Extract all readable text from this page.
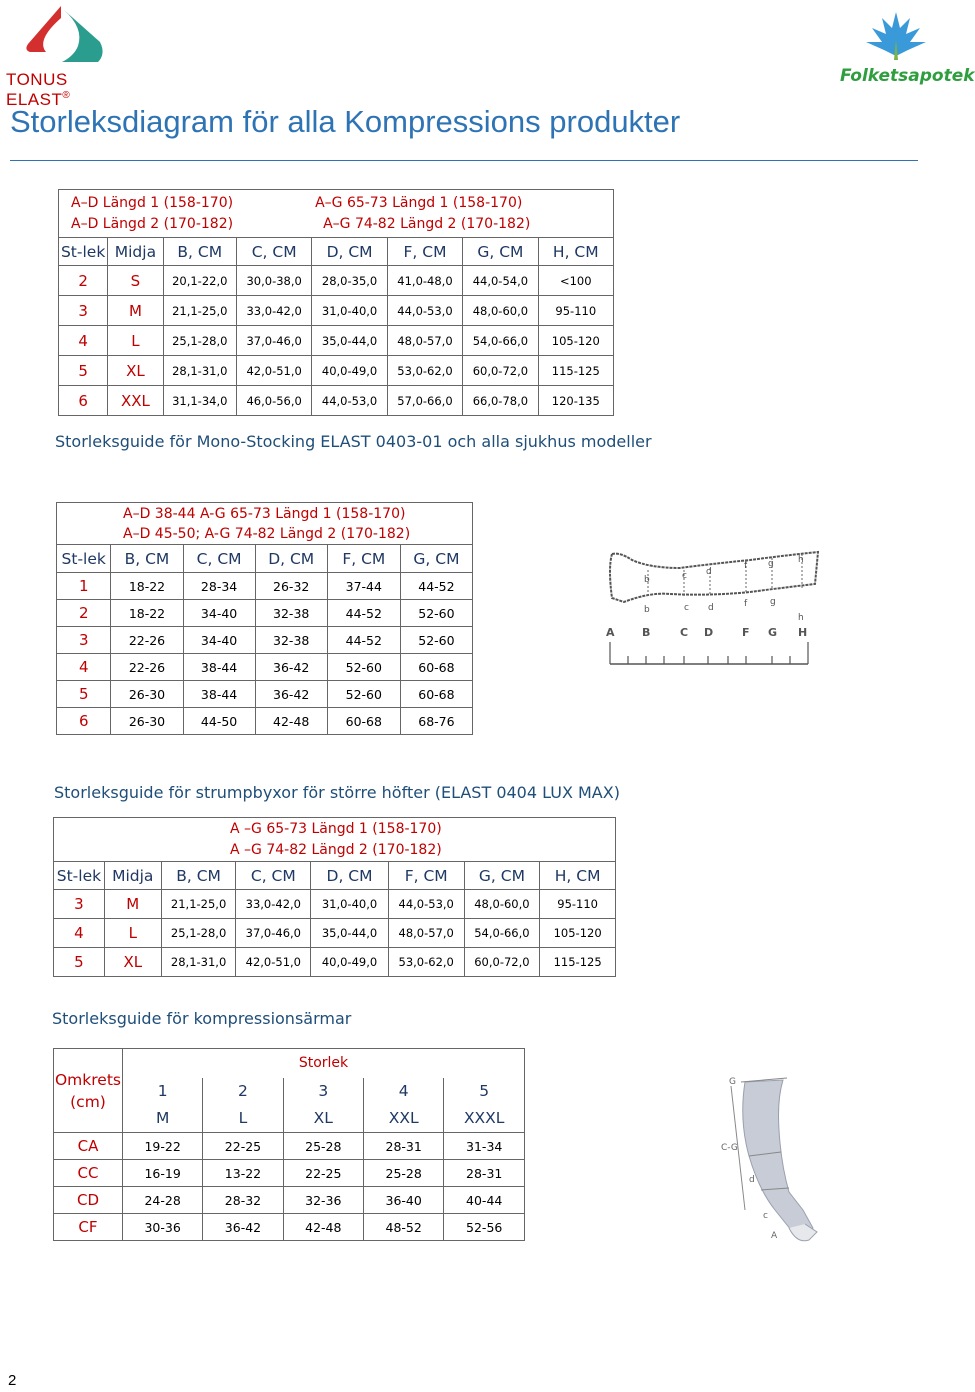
TONUS ELAST®
Folketsapotek
Storleksdiagram för alla Kompressions produkter
A–D Längd 1 (158-170) A–G 65-73 Längd 1 (158-170)
A–D Längd 2 (170-182) A–G 74-82 Längd 2 (170-182)							

St-lek	Midja	B, CM	C, CM	D, CM	F, CM	G, CM	H, CM
2	S	20,1-22,0	30,0-38,0	28,0-35,0	41,0-48,0	44,0-54,0	<100
3	M	21,1-25,0	33,0-42,0	31,0-40,0	44,0-53,0	48,0-60,0	95-110
4	L	25,1-28,0	37,0-46,0	35,0-44,0	48,0-57,0	54,0-66,0	105-120
5	XL	28,1-31,0	42,0-51,0	40,0-49,0	53,0-62,0	60,0-72,0	115-125
6	XXL	31,1-34,0	46,0-56,0	44,0-53,0	57,0-66,0	66,0-78,0	120-135
Storleksguide för Mono-Stocking ELAST 0403-01 och alla sjukhus modeller
A–D 38-44 A-G 65-73 Längd 1 (158-170)
A–D 45-50; A-G 74-82 Längd 2 (170-182)					

St-lek	B, CM	C, CM	D, CM	F, CM	G, CM
1	18-22	28-34	26-32	37-44	44-52
2	18-22	34-40	32-38	44-52	52-60
3	22-26	34-40	32-38	44-52	52-60
4	22-26	38-44	36-42	52-60	60-68
5	26-30	38-44	36-42	52-60	60-68
6	26-30	44-50	42-48	60-68	68-76
b	c d
f g	h
b	c d	f	g
h
A B	C D	F G H
Storleksguide för strumpbyxor för större höfter (ELAST 0404 LUX MAX)
A –G 65-73 Längd 1 (158-170)
A –G 74-82 Längd 2 (170-182)							

St-lek	Midja	B, CM	C, CM	D, CM	F, CM	G, CM	H, CM
3	M	21,1-25,0	33,0-42,0	31,0-40,0	44,0-53,0	48,0-60,0	95-110
4	L	25,1-28,0	37,0-46,0	35,0-44,0	48,0-57,0	54,0-66,0	105-120
5	XL	28,1-31,0	42,0-51,0	40,0-49,0	53,0-62,0	60,0-72,0	115-125
Storleksguide för kompressionsärmar
Omkrets
(cm)	Storlek				
	1	2	3	4	5
	M	L	XL	XXL	XXXL
CA	19-22	22-25	25-28	28-31	31-34
CC	16-19	13-22	22-25	25-28	28-31
CD	24-28	28-32	32-36	36-40	40-44
CF	30-36	36-42	42-48	48-52	52-56
G
C-G
d
c
A
2
